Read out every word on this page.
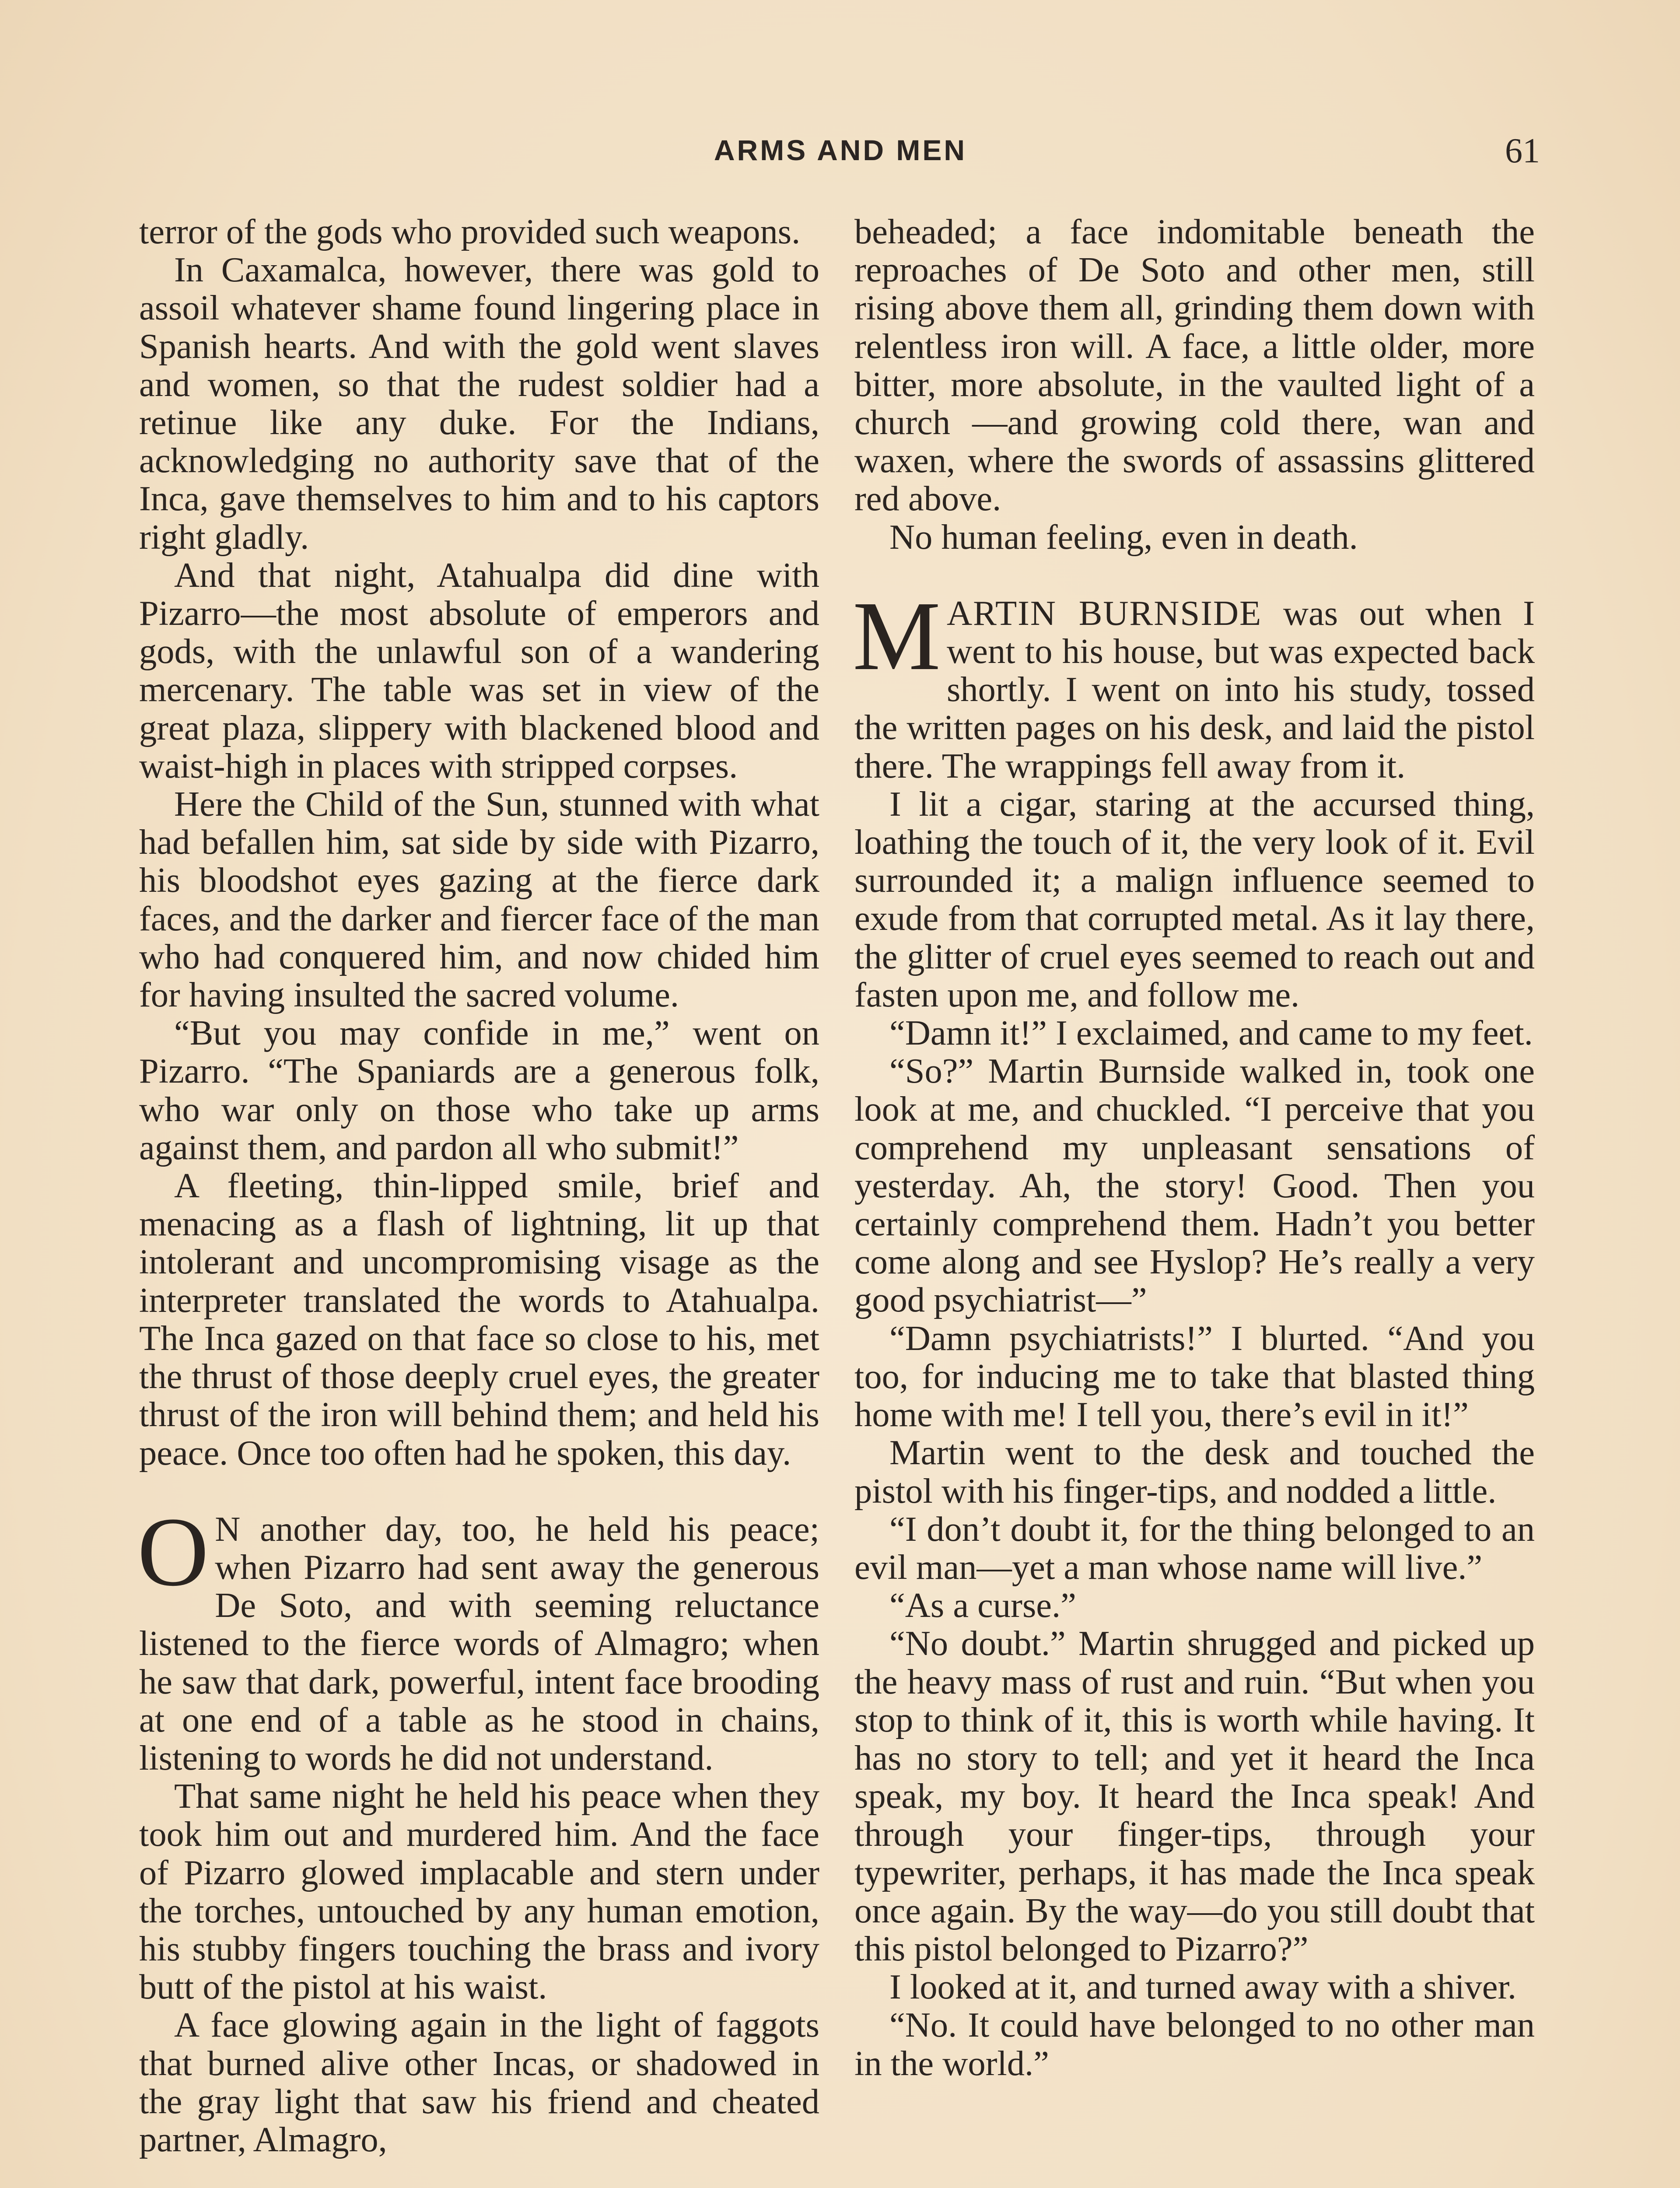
ARMS AND MEN	61

terror of the gods who provided such weapons.

In Caxamalca, however, there was gold to assoil whatever shame found lingering place in Spanish hearts. And with the gold went slaves and women, so that the rudest soldier had a retinue like any duke. For the Indians, acknowledging no authority save that of the Inca, gave themselves to him and to his captors right gladly.

And that night, Atahualpa did dine with Pizarro—the most absolute of emperors and gods, with the unlawful son of a wandering mercenary. The table was set in view of the great plaza, slippery with blackened blood and waist-high in places with stripped corpses.

Here the Child of the Sun, stunned with what had befallen him, sat side by side with Pizarro, his bloodshot eyes gazing at the fierce dark faces, and the darker and fiercer face of the man who had conquered him, and now chided him for having insulted the sacred volume.

“But you may confide in me,” went on Pizarro. “The Spaniards are a generous folk, who war only on those who take up arms against them, and pardon all who submit!”

A fleeting, thin-lipped smile, brief and menacing as a flash of lightning, lit up that intolerant and uncompromising visage as the interpreter translated the words to Atahualpa. The Inca gazed on that face so close to his, met the thrust of those deeply cruel eyes, the greater thrust of the iron will behind them; and held his peace. Once too often had he spoken, this day.

O N another day, too, he held his peace; when Pizarro had sent away the generous De Soto, and with seeming reluctance listened to the fierce words of Almagro; when he saw that dark, powerful, intent face brooding at one end of a table as he stood in chains, listening to words he did not understand.

That same night he held his peace when they took him out and murdered him. And the face of Pizarro glowed implacable and stern under the torches, untouched by any human emotion, his stubby fingers touching the brass and ivory butt of the pistol at his waist.

A face glowing again in the light of faggots that burned alive other Incas, or shadowed in the gray light that saw his friend and cheated partner, Almagro,

beheaded; a face indomitable beneath the reproaches of De Soto and other men, still rising above them all, grinding them down with relentless iron will. A face, a little older, more bitter, more absolute, in the vaulted light of a church —and growing cold there, wan and waxen, where the swords of assassins glittered red above.

No human feeling, even in death.

MARTIN BURNSIDE was out when I went to his house, but was expected back shortly. I went on into his study, tossed the written pages on his desk, and laid the pistol there. The wrappings fell away from it.

I lit a cigar, staring at the accursed thing, loathing the touch of it, the very look of it. Evil surrounded it; a malign influence seemed to exude from that corrupted metal. As it lay there, the glitter of cruel eyes seemed to reach out and fasten upon me, and follow me.

“Damn it!” I exclaimed, and came to my feet.

“So?” Martin Burnside walked in, took one look at me, and chuckled. “I perceive that you comprehend my unpleasant sensations of yesterday. Ah, the story! Good. Then you certainly comprehend them. Hadn’t you better come along and see Hyslop? He’s really a very good psychiatrist—”

“Damn psychiatrists!” I blurted. “And you too, for inducing me to take that blasted thing home with me! I tell you, there’s evil in it!”

Martin went to the desk and touched the pistol with his finger-tips, and nodded a little.

“I don’t doubt it, for the thing belonged to an evil man—yet a man whose name will live.”

“As a curse.”

“No doubt.” Martin shrugged and picked up the heavy mass of rust and ruin. “But when you stop to think of it, this is worth while having. It has no story to tell; and yet it heard the Inca speak, my boy. It heard the Inca speak! And through your finger-tips, through your typewriter, perhaps, it has made the Inca speak once again. By the way—do you still doubt that this pistol belonged to Pizarro?”

I looked at it, and turned away with a shiver.

“No. It could have belonged to no other man in the world.”
